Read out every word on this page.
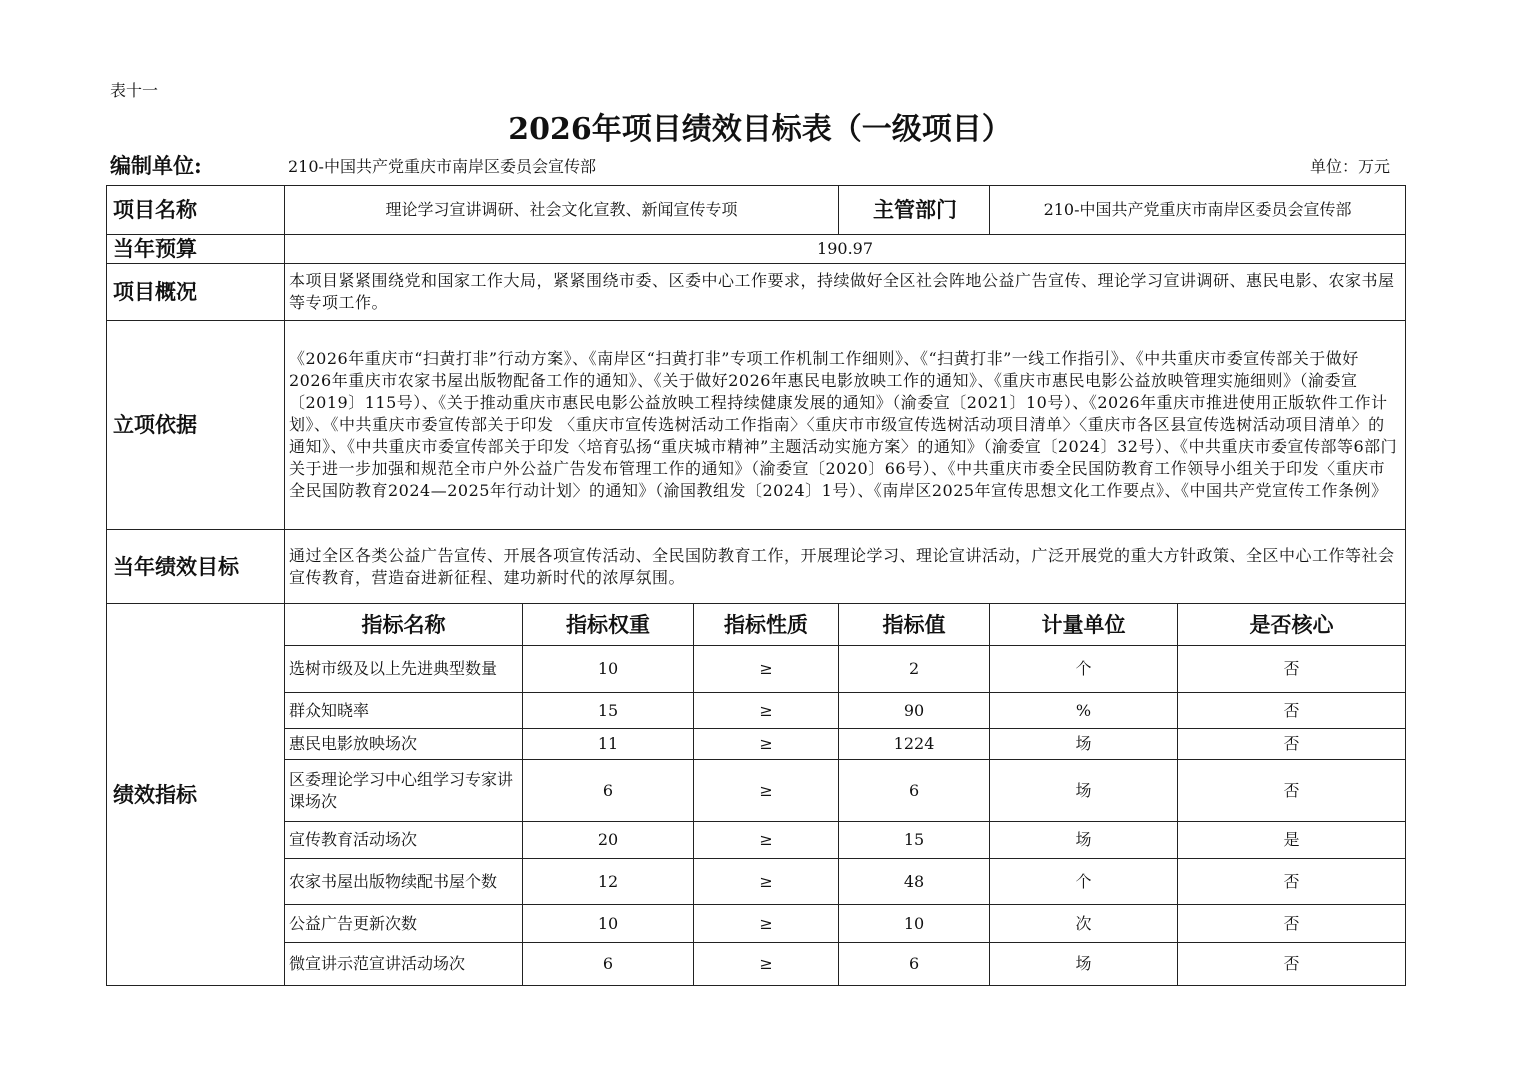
表十一
2026年项目绩效目标表（一级项目）
编制单位:	210-中国共产党重庆市南岸区委员会宣传部	单位：万元
项目名称	理论学习宣讲调研、社会文化宣教、新闻宣传专项			主管部门	210-中国共产党重庆市南岸区委员会宣传部	
当年预算	190.97					
项目概况	本项目紧紧围绕党和国家工作大局，紧紧围绕市委、区委中心工作要求，持续做好全区社会阵地公益广告宣传、理论学习宣讲调研、惠民电影、农家书屋等专项工作。					
立项依据	《2026年重庆市“扫黄打非”行动方案》、《南岸区“扫黄打非”专项工作机制工作细则》、《“扫黄打非”一线工作指引》、《中共重庆市委宣传部关于做好 2026年重庆市农家书屋出版物配备工作的通知》、《关于做好2026年惠民电影放映工作的通知》、《重庆市惠民电影公益放映管理实施细则》（渝委宣〔2019〕115号）、《关于推动重庆市惠民电影公益放映工程持续健康发展的通知》（渝委宣〔2021〕10号）、《2026年重庆市推进使用正版软件工作计划》、《中共重庆市委宣传部关于印发 〈重庆市宣传选树活动工作指南〉〈重庆市市级宣传选树活动项目清单〉〈重庆市各区县宣传选树活动项目清单〉的通知》、《中共重庆市委宣传部关于印发〈培育弘扬“重庆城市精神”主题活动实施方案〉的通知》（渝委宣〔2024〕32号）、《中共重庆市委宣传部等6部门关于进一步加强和规范全市户外公益广告发布管理工作的通知》（渝委宣〔2020〕66号）、《中共重庆市委全民国防教育工作领导小组关于印发〈重庆市全民国防教育2024—2025年行动计划〉的通知》（渝国教组发〔2024〕1号）、《南岸区2025年宣传思想文化工作要点》、《中国共产党宣传工作条例》					
当年绩效目标	通过全区各类公益广告宣传、开展各项宣传活动、全民国防教育工作，开展理论学习、理论宣讲活动，广泛开展党的重大方针政策、全区中心工作等社会宣传教育，营造奋进新征程、建功新时代的浓厚氛围。					
绩效指标	指标名称	指标权重	指标性质	指标值	计量单位	是否核心
	选树市级及以上先进典型数量	10	≥	2	个	否
	群众知晓率	15	≥	90	%	否
	惠民电影放映场次	11	≥	1224	场	否
	区委理论学习中心组学习专家讲课场次	6	≥	6	场	否
	宣传教育活动场次	20	≥	15	场	是
	农家书屋出版物续配书屋个数	12	≥	48	个	否
	公益广告更新次数	10	≥	10	次	否
	微宣讲示范宣讲活动场次	6	≥	6	场	否
